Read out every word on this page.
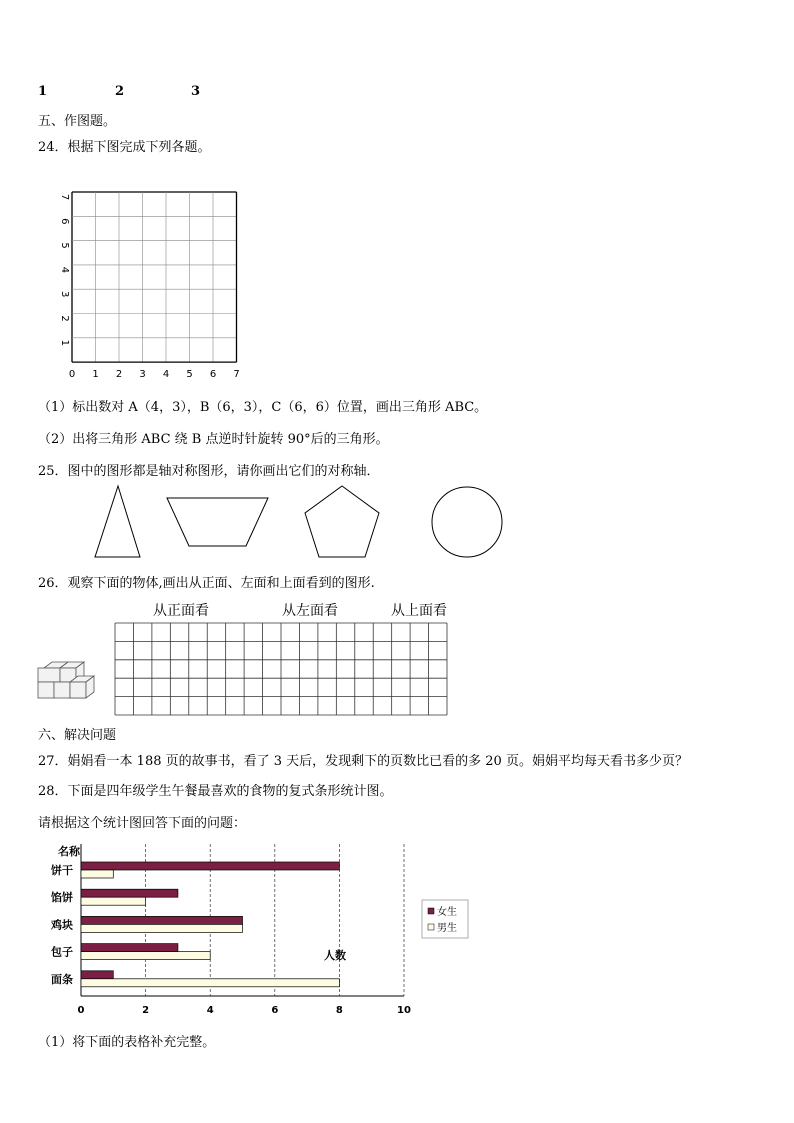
1	2	3
五、作图题。
24．根据下图完成下列各题。
0 1 2 3 4 5 6 7
1
2
3
4
5
6
7
（1）标出数对 A（4，3），B（6，3），C（6，6）位置，画出三角形 ABC。
（2）出将三角形 ABC 绕 B 点逆时针旋转 90°后的三角形。
25．图中的图形都是轴对称图形，请你画出它们的对称轴．
26．观察下面的物体,画出从正面、左面和上面看到的图形.
从正面看	从左面看	从上面看
六、解决问题
27．娟娟看一本 188 页的故事书，看了 3 天后，发现剩下的页数比已看的多 20 页。娟娟平均每天看书多少页？
28．下面是四年级学生午餐最喜欢的食物的复式条形统计图。
请根据这个统计图回答下面的问题：
名称
饼干
馅饼
鸡块
包子
面条
0	2	4	6	8	10
人数
女生
男生
（1）将下面的表格补充完整。
